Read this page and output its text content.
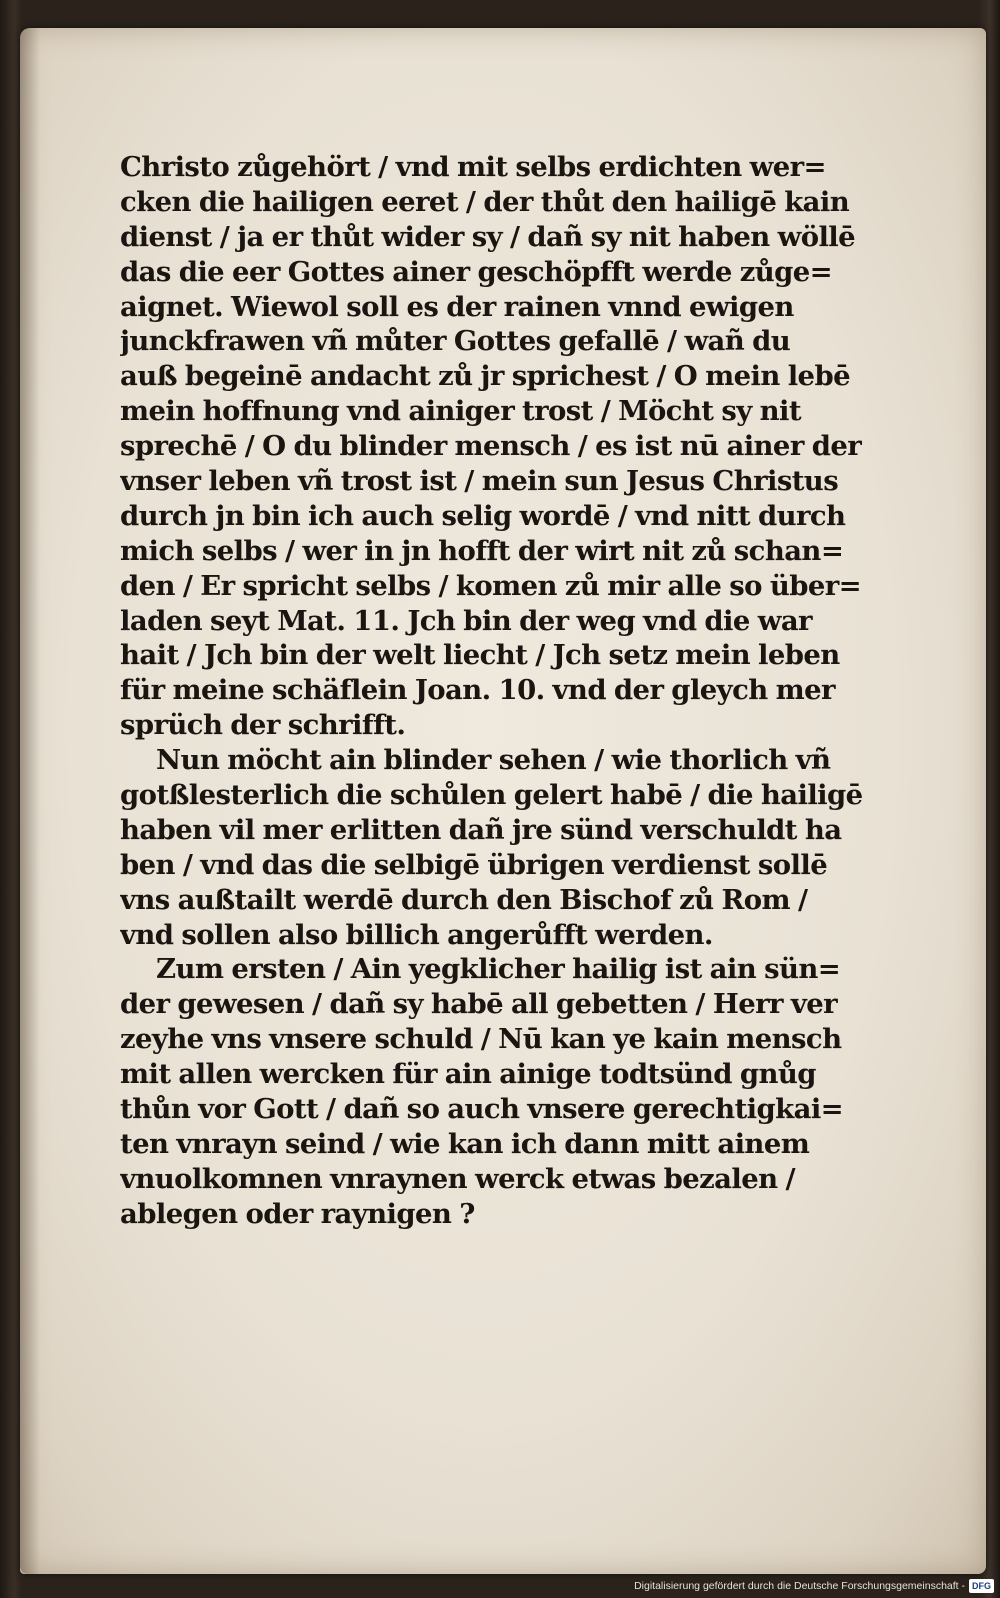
Christo zůgehört / vnd mit selbs erdichten wer=
cken die hailigen eeret / der thůt den hailigē kain
dienst / ja er thůt wider sy / dañ sy nit haben wöllē
das die eer Gottes ainer geschöpfft werde zůge=
aignet. Wiewol soll es der rainen vnnd ewigen
junckfrawen vñ můter Gottes gefallē / wañ du
auß begeinē andacht zů jr sprichest / O mein lebē
mein hoffnung vnd ainiger trost / Möcht sy nit
sprechē / O du blinder mensch / es ist nū ainer der
vnser leben vñ trost ist / mein sun Jesus Christus
durch jn bin ich auch selig wordē / vnd nitt durch
mich selbs / wer in jn hofft der wirt nit zů schan=
den / Er spricht selbs / komen zů mir alle so über=
laden seyt Mat. 11. Jch bin der weg vnd die war
hait / Jch bin der welt liecht / Jch setz mein leben
für meine schäflein Joan. 10. vnd der gleych mer
sprüch der schrifft.
Nun möcht ain blinder sehen / wie thorlich vñ
gotßlesterlich die schůlen gelert habē / die hailigē
haben vil mer erlitten dañ jre sünd verschuldt ha
ben / vnd das die selbigē übrigen verdienst sollē
vns außtailt werdē durch den Bischof zů Rom /
vnd sollen also billich angerůfft werden.
Zum ersten / Ain yegklicher hailig ist ain sün=
der gewesen / dañ sy habē all gebetten / Herr ver
zeyhe vns vnsere schuld / Nū kan ye kain mensch
mit allen wercken für ain ainige todtsünd gnůg
thůn vor Gott / dañ so auch vnsere gerechtigkai=
ten vnrayn seind / wie kan ich dann mitt ainem
vnuolkomnen vnraynen werck etwas bezalen /
ablegen oder raynigen ?
Digitalisierung gefördert durch die Deutsche Forschungsgemeinschaft - DFG
